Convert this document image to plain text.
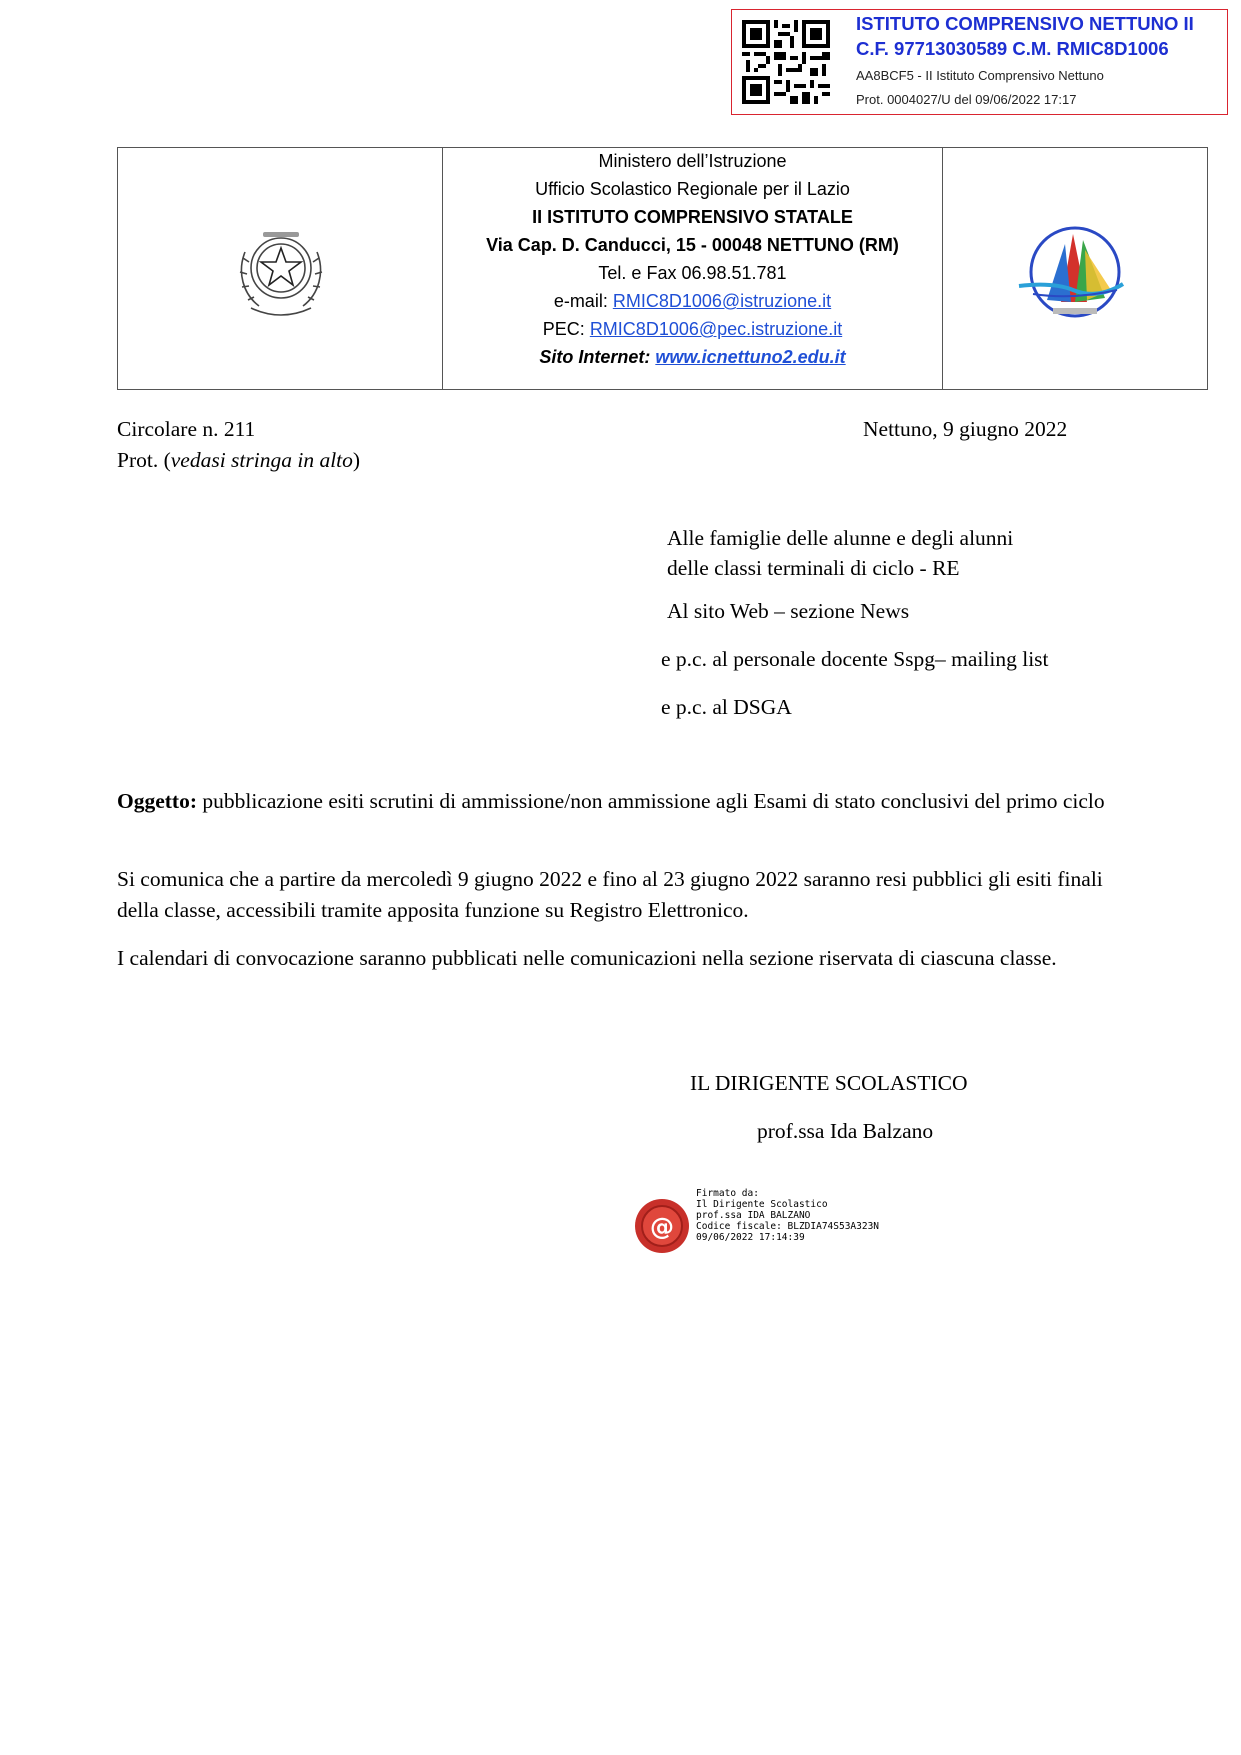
ISTITUTO COMPRENSIVO NETTUNO II
C.F. 97713030589 C.M. RMIC8D1006
AA8BCF5 - II Istituto Comprensivo Nettuno
Prot. 0004027/U del 09/06/2022 17:17
Ministero dell’Istruzione
Ufficio Scolastico Regionale per il Lazio
II ISTITUTO COMPRENSIVO STATALE
Via Cap. D. Canducci, 15 - 00048 NETTUNO (RM)
Tel. e Fax 06.98.51.781
e-mail: RMIC8D1006@istruzione.it
PEC: RMIC8D1006@pec.istruzione.it
Sito Internet: www.icnettuno2.edu.it
Circolare n. 211
Prot. (vedasi stringa in alto)
Nettuno, 9 giugno 2022
Alle famiglie delle alunne e degli alunni
delle classi terminali di ciclo - RE
Al sito Web – sezione News
e p.c. al personale docente Sspg– mailing list
e p.c. al DSGA
Oggetto: pubblicazione esiti scrutini di ammissione/non ammissione agli Esami di stato conclusivi del primo ciclo
Si comunica che a partire da mercoledì 9 giugno 2022 e fino al 23 giugno 2022 saranno resi pubblici gli esiti finali della classe, accessibili tramite apposita funzione su Registro Elettronico.
I calendari di convocazione saranno pubblicati nelle comunicazioni nella sezione riservata di ciascuna classe.
IL DIRIGENTE SCOLASTICO
prof.ssa Ida Balzano
@
Firmato da:
Il Dirigente Scolastico
prof.ssa IDA BALZANO
Codice fiscale: BLZDIA74S53A323N
09/06/2022 17:14:39
